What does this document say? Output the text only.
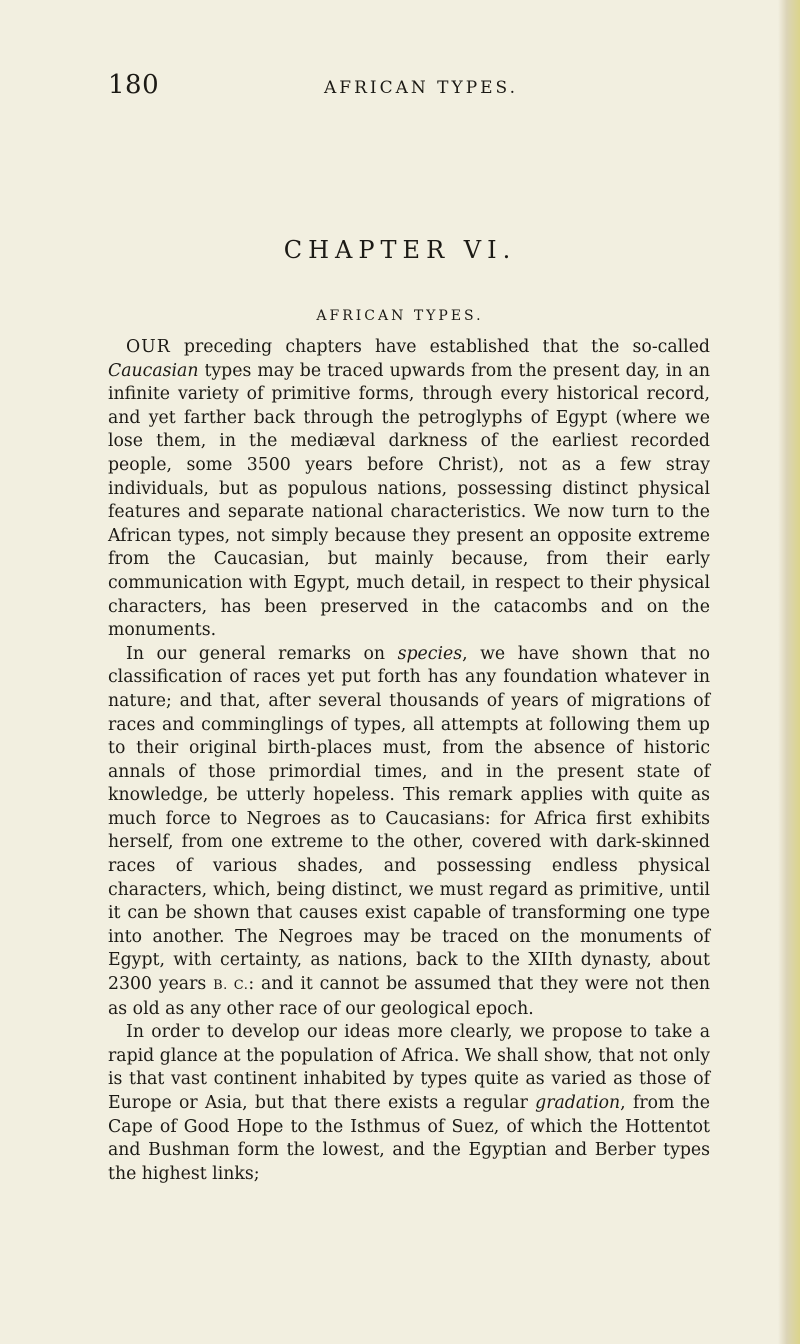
180	AFRICAN TYPES.
CHAPTER VI.
AFRICAN TYPES.

OUR preceding chapters have established that the so-called Caucasian types may be traced upwards from the present day, in an infinite variety of primitive forms, through every historical record, and yet farther back through the petroglyphs of Egypt (where we lose them, in the mediæval darkness of the earliest recorded people, some 3500 years before Christ), not as a few stray individuals, but as populous nations, possessing distinct physical features and separate national characteristics. We now turn to the African types, not simply because they present an opposite extreme from the Caucasian, but mainly because, from their early communication with Egypt, much detail, in respect to their physical characters, has been preserved in the catacombs and on the monuments.

In our general remarks on species, we have shown that no classification of races yet put forth has any foundation whatever in nature; and that, after several thousands of years of migrations of races and comminglings of types, all attempts at following them up to their original birth-places must, from the absence of historic annals of those primordial times, and in the present state of knowledge, be utterly hopeless. This remark applies with quite as much force to Negroes as to Caucasians: for Africa first exhibits herself, from one extreme to the other, covered with dark-skinned races of various shades, and possessing endless physical characters, which, being distinct, we must regard as primitive, until it can be shown that causes exist capable of transforming one type into another. The Negroes may be traced on the monuments of Egypt, with certainty, as nations, back to the XIIth dynasty, about 2300 years B. C.: and it cannot be assumed that they were not then as old as any other race of our geological epoch.

In order to develop our ideas more clearly, we propose to take a rapid glance at the population of Africa. We shall show, that not only is that vast continent inhabited by types quite as varied as those of Europe or Asia, but that there exists a regular gradation, from the Cape of Good Hope to the Isthmus of Suez, of which the Hottentot and Bushman form the lowest, and the Egyptian and Berber types the highest links;
